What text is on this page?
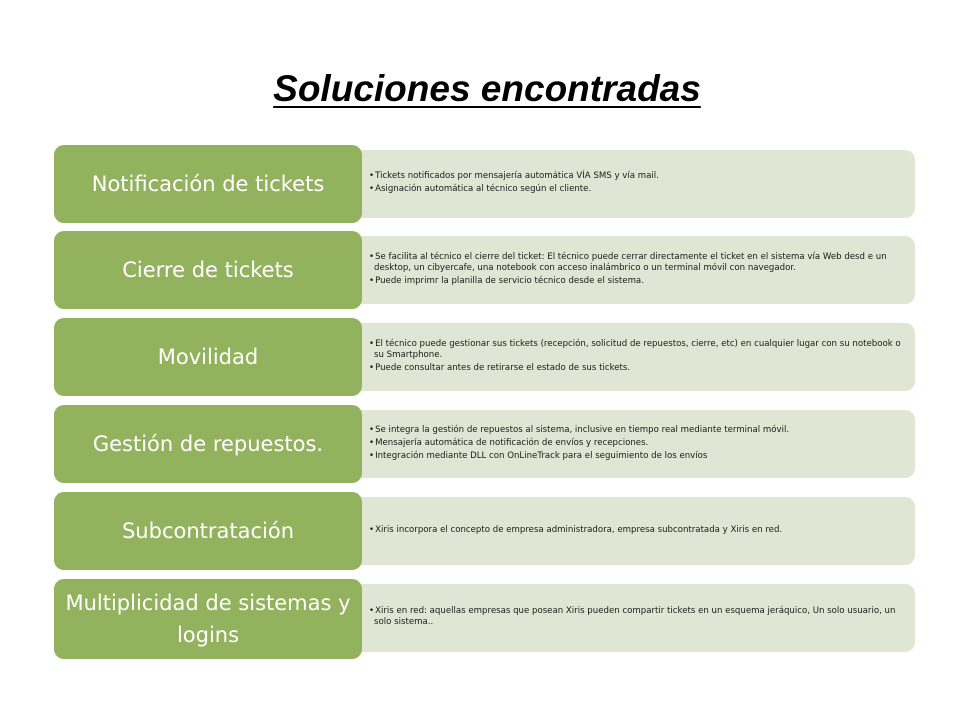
Soluciones encontradas
• Tickets notificados por mensajería automática VÍA SMS y vía mail.
• Asignación automática al técnico según el cliente.
Notificación de tickets
• Se facilita al técnico el cierre del ticket: El técnico puede cerrar directamente el ticket en el sistema vía Web desd e un desktop, un cibyercafe, una notebook con acceso inalámbrico o un terminal móvil con navegador.
• Puede imprimr la planilla de servicio técnico desde el sistema.
Cierre de tickets
• El técnico puede gestionar sus tickets (recepción, solicitud de repuestos, cierre, etc) en cualquier lugar con su notebook o su Smartphone.
• Puede consultar antes de retirarse el estado de sus tickets.
Movilidad
• Se integra la gestión de repuestos al sistema, inclusive en tiempo real mediante terminal móvil.
• Mensajería automática de notificación de envíos y recepciones.
• Integración mediante DLL con OnLineTrack para el seguimiento de los envíos
Gestión de repuestos.
• Xiris incorpora el concepto de empresa administradora, empresa subcontratada y Xiris en red.
Subcontratación
• Xiris en red: aquellas empresas que posean Xiris pueden compartir tickets en un esquema jeráquico, Un solo usuario, un solo sistema..
Multiplicidad de sistemas y logins
